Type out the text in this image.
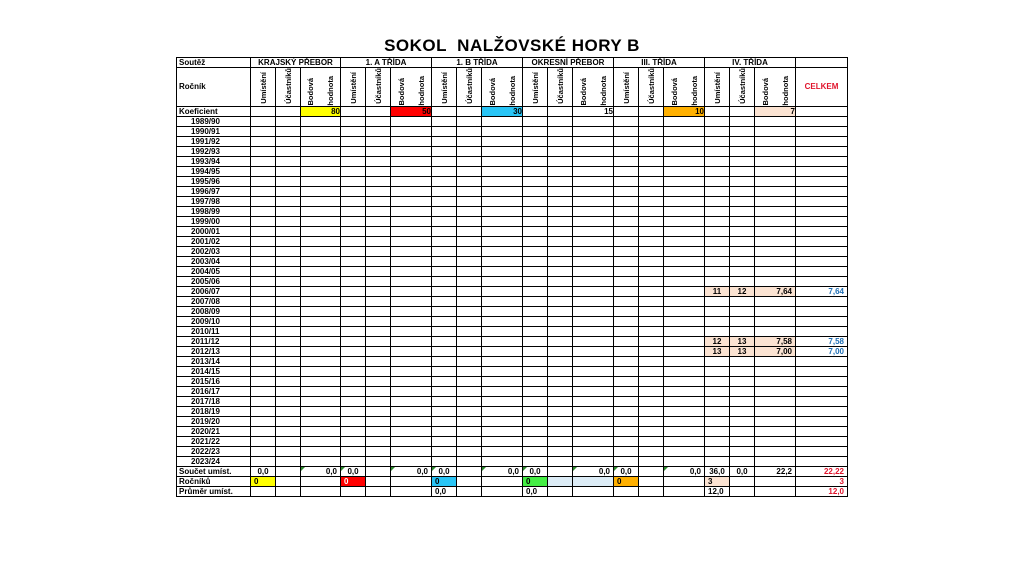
SOKOL  NALŽOVSKÉ HORY B
Soutěž	KRAJSKÝ PŘEBOR			1. A TŘÍDA			1. B TŘÍDA			OKRESNÍ PŘEBOR			III. TŘÍDA			IV. TŘÍDA			
Ročník	Umístění	Účastníků	Bodová hodnota	Umístění	Účastníků	Bodová hodnota	Umístění	Účastníků	Bodová hodnota	Umístění	Účastníků	Bodová hodnota	Umístění	Účastníků	Bodová hodnota	Umístění	Účastníků	Bodová hodnota	CELKEM
Koeficient			80			50			30			15			10			7	
1989/90																			
1990/91																			
1991/92																			
1992/93																			
1993/94																			
1994/95																			
1995/96																			
1996/97																			
1997/98																			
1998/99																			
1999/00																			
2000/01																			
2001/02																			
2002/03																			
2003/04																			
2004/05																			
2005/06																			
2006/07																11	12	7,64	7,64
2007/08																			
2008/09																			
2009/10																			
2010/11																			
2011/12																12	13	7,58	7,58
2012/13																13	13	7,00	7,00
2013/14																			
2014/15																			
2015/16																			
2016/17																			
2017/18																			
2018/19																			
2019/20																			
2020/21																			
2021/22																			
2022/23																			
2023/24																			
Součet umíst.	0,0		0,0	0,0		0,0	0,0		0,0	0,0		0,0	0,0		0,0	36,0	0,0	22,2	22,22
Ročníků	0			0			0			0			0			3			3
Průměr umíst.							0,0			0,0						12,0			12,0
